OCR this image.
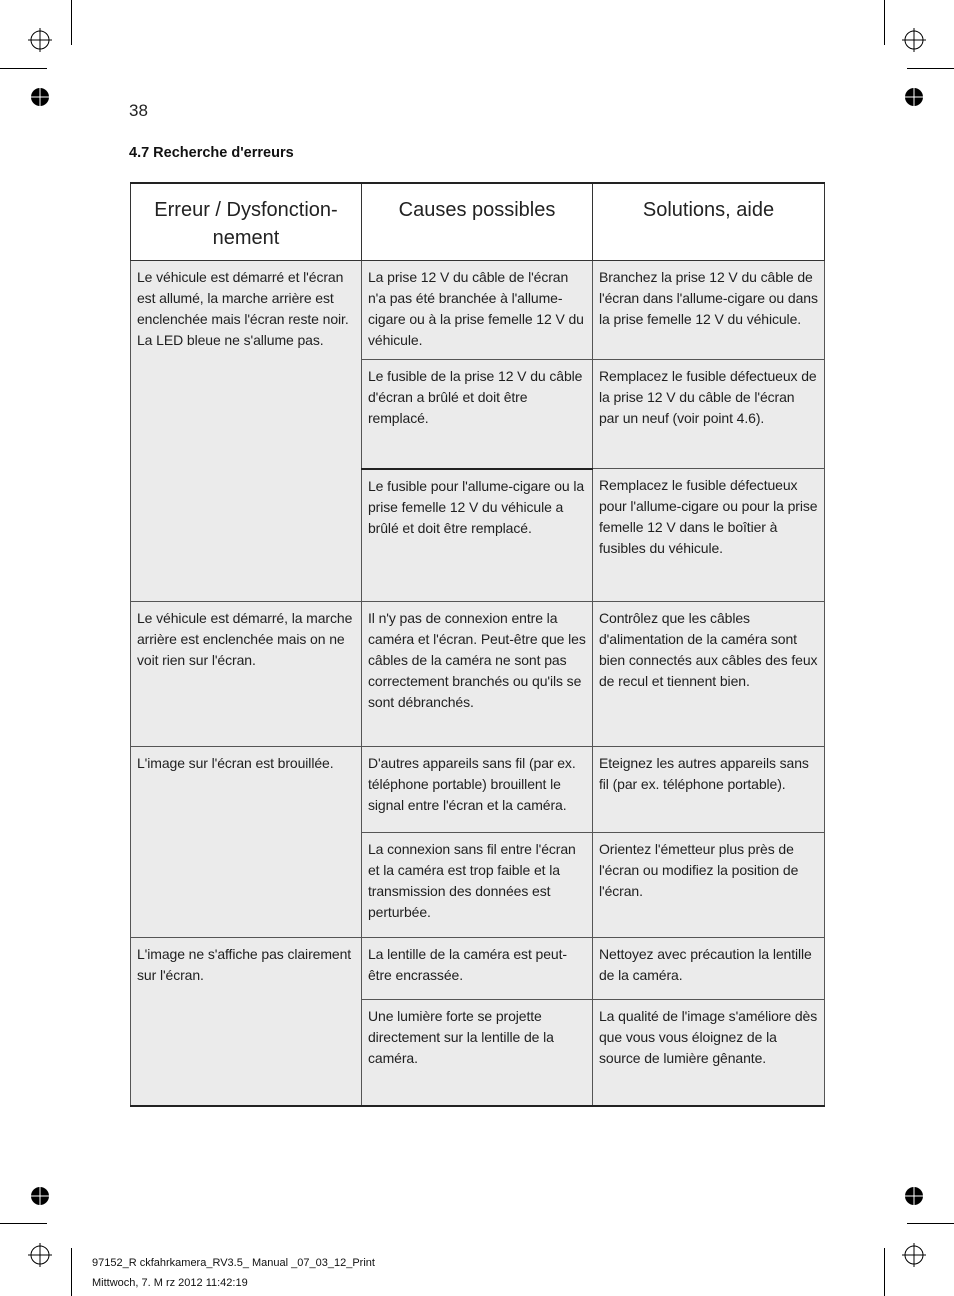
38
4.7 Recherche d'erreurs
Erreur / Dysfonction-nement	Causes possibles	Solutions, aide
Le véhicule est démarré et l'écran est allumé, la marche arrière est enclenchée mais l'écran reste noir. La LED bleue ne s'allume pas.	La prise 12 V du câble de l'écran n'a pas été branchée à l'allume-cigare ou à la prise femelle 12 V du véhicule.	Branchez la prise 12 V du câble de l'écran dans l'allume-cigare ou dans la prise femelle 12 V du véhicule.
	Le fusible de la prise 12 V du câble d'écran a brûlé et doit être remplacé.	Remplacez le fusible défectueux de la prise 12 V du câble de l'écran par un neuf (voir point 4.6).
	Le fusible pour l'allume-cigare ou la prise femelle 12 V du véhicule a brûlé et doit être remplacé.	Remplacez le fusible défectueux pour l'allume-cigare ou pour la prise femelle 12 V dans le boîtier à fusibles du véhicule.
Le véhicule est démarré, la marche arrière est enclenchée mais on ne voit rien sur l'écran.	Il n'y pas de connexion entre la caméra et l'écran. Peut-être que les câbles de la caméra ne sont pas correctement branchés ou qu'ils se sont débranchés.	Contrôlez que les câbles d'alimentation de la caméra sont bien connectés aux câbles des feux de recul et tiennent bien.
L'image sur l'écran est brouillée.	D'autres appareils sans fil (par ex. téléphone portable) brouillent le signal entre l'écran et la caméra.	Eteignez les autres appareils sans fil (par ex. téléphone portable).
	La connexion sans fil entre l'écran et la caméra est trop faible et la transmission des données est perturbée.	Orientez l'émetteur plus près de l'écran ou modifiez la position de l'écran.
L'image ne s'affiche pas clairement sur l'écran.	La lentille de la caméra est peut-être encrassée.	Nettoyez avec précaution la lentille de la caméra.
	Une lumière forte se projette directement sur la lentille de la caméra.	La qualité de l'image s'améliore dès que vous vous éloignez de la source de lumière gênante.
97152_R ckfahrkamera_RV3.5_ Manual _07_03_12_Print
Mittwoch, 7. M rz 2012 11:42:19
